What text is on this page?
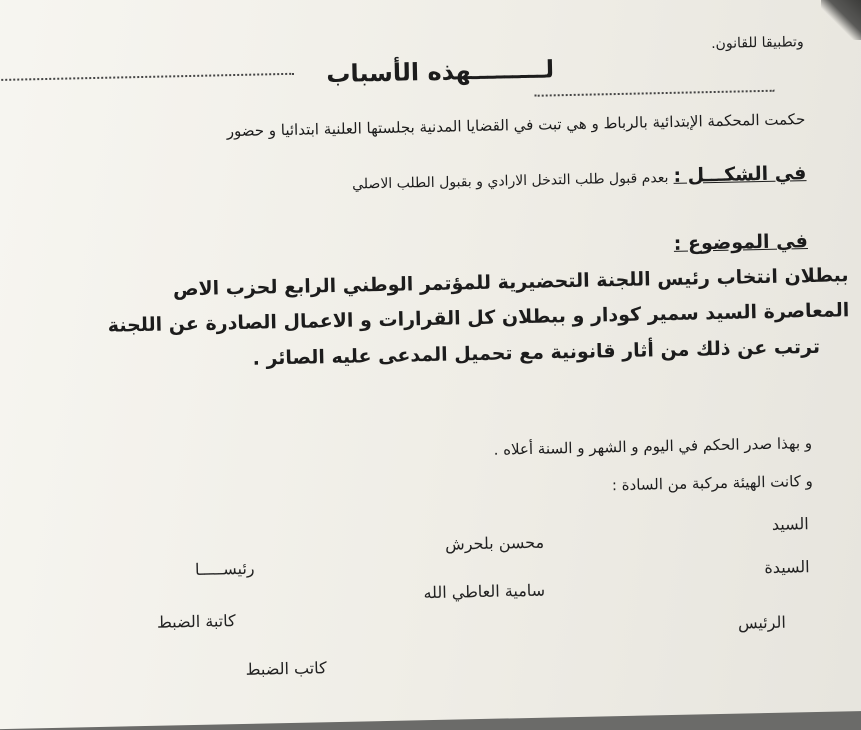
وتطبيقا للقانون.
لـــــــــهذه الأسباب
حكمت المحكمة الإبتدائية بالرباط و هي تبت في القضايا المدنية بجلستها العلنية ابتدائيا و حضور
في الشكـــل : بعدم قبول طلب التدخل الارادي و بقبول الطلب الاصلي
في الموضوع :
ببطلان انتخاب رئيس اللجنة التحضيرية للمؤتمر الوطني الرابع لحزب الاص
المعاصرة السيد سمير كودار و ببطلان كل القرارات و الاعمال الصادرة عن اللجنة
ترتب عن ذلك من أثار قانونية مع تحميل المدعى عليه الصائر .
و بهذا صدر الحكم في اليوم و الشهر و السنة أعلاه .
و كانت الهيئة مركبة من السادة :
السيد
محسن بلحرش
رئيســـــا	السيدة
سامية العاطي الله
كاتبة الضبط	الرئيس
كاتب الضبط
